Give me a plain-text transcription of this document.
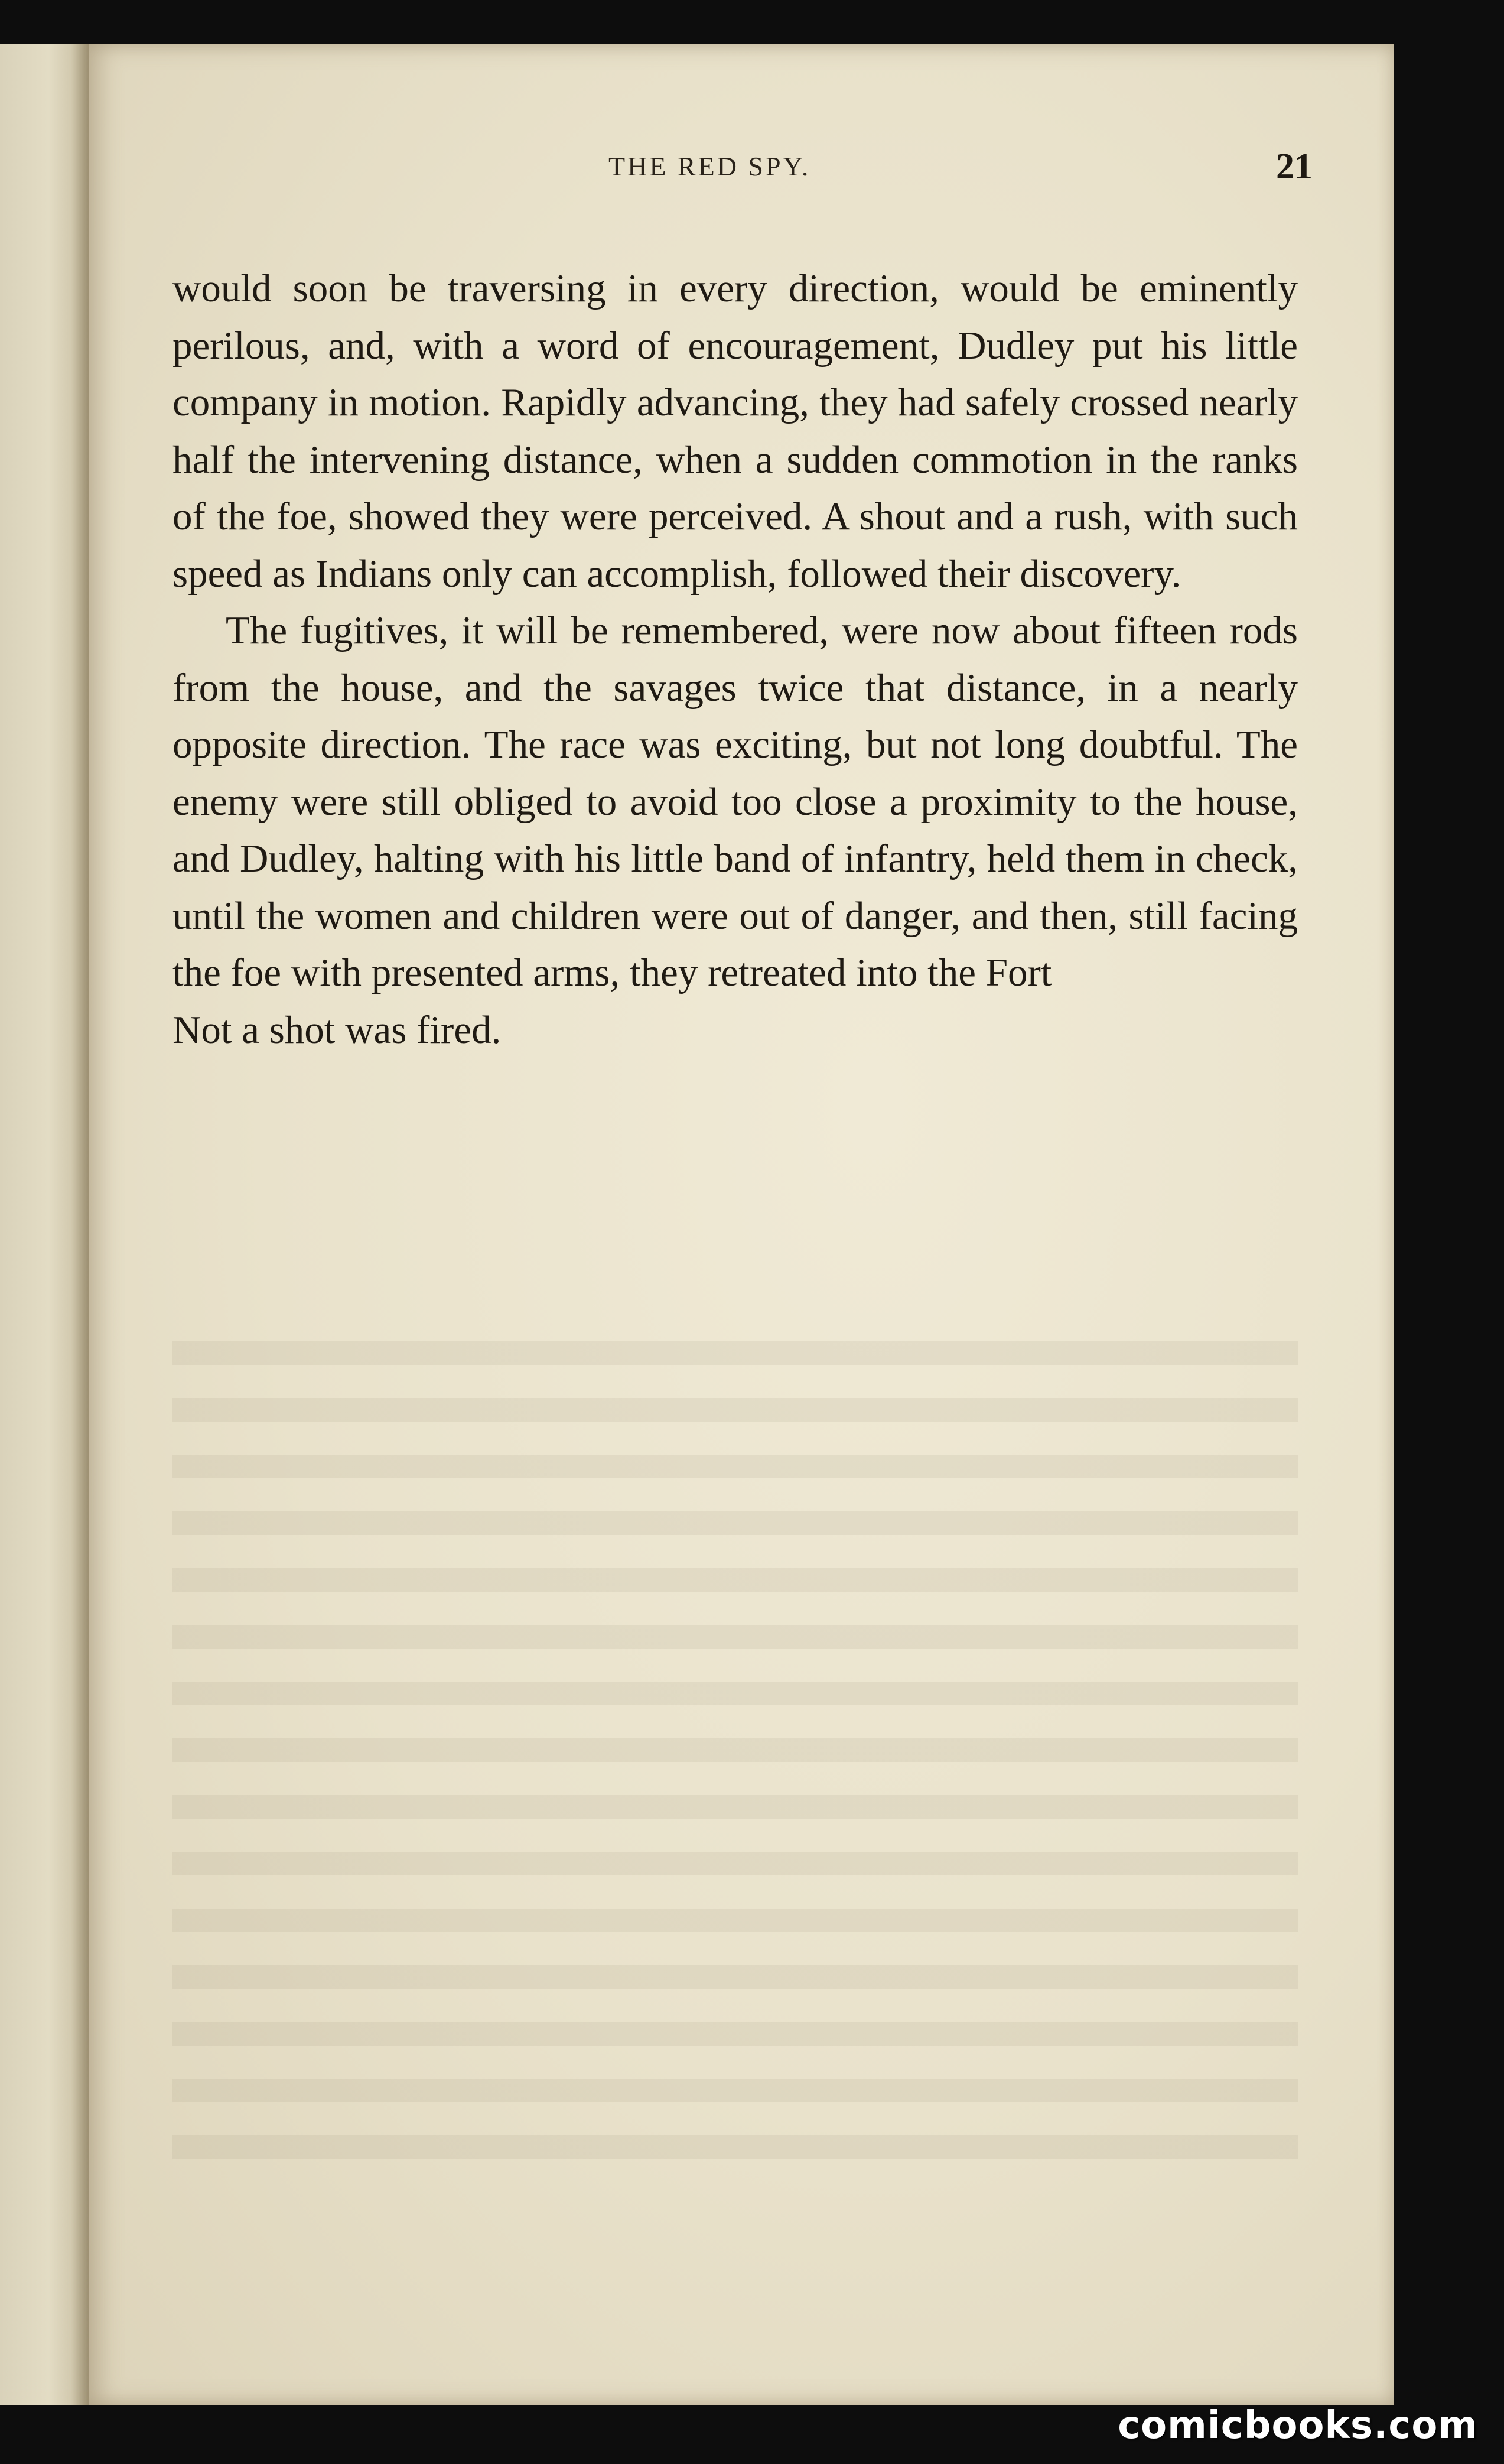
THE RED SPY.	21

would soon be traversing in every direction, would be eminently perilous, and, with a word of encouragement, Dudley put his little company in motion. Rapidly advancing, they had safely crossed nearly half the intervening distance, when a sudden commotion in the ranks of the foe, showed they were perceived. A shout and a rush, with such speed as Indians only can accomplish, followed their discovery.

The fugitives, it will be remembered, were now about fifteen rods from the house, and the savages twice that distance, in a nearly opposite direction. The race was exciting, but not long doubtful. The enemy were still obliged to avoid too close a proximity to the house, and Dudley, halting with his little band of infantry, held them in check, until the women and children were out of danger, and then, still facing the foe with presented arms, they retreated into the Fort

Not a shot was fired.

comicbooks.com
